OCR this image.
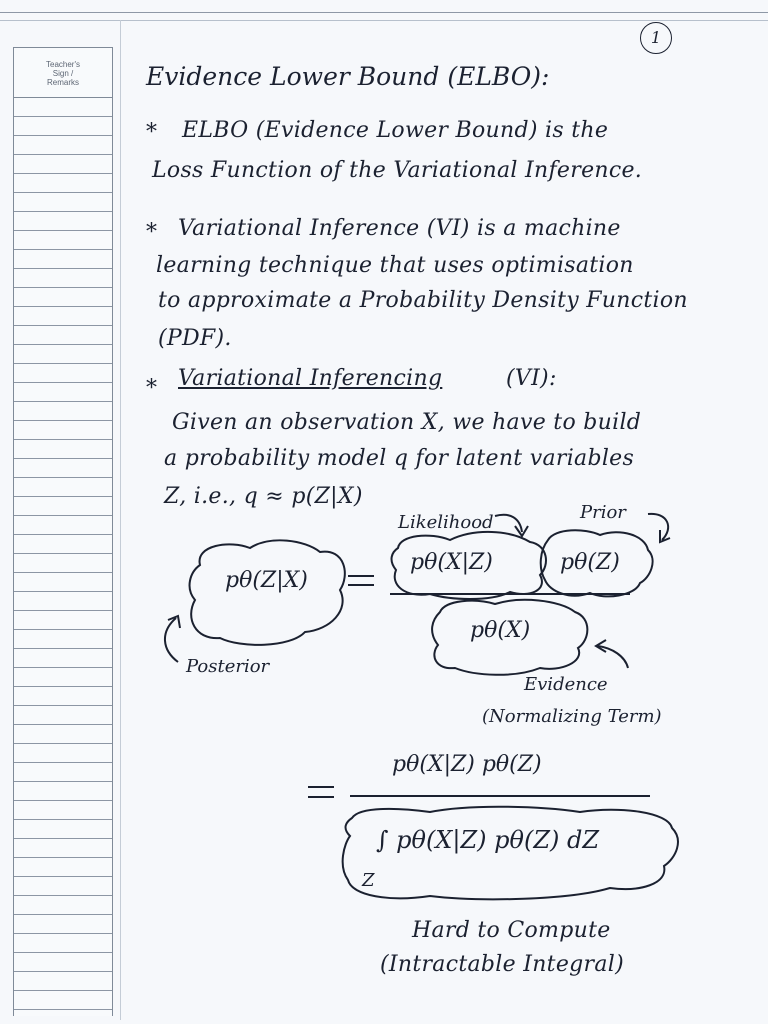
Teacher's
Sign /
Remarks
1
Evidence Lower Bound (ELBO):
* ELBO (Evidence Lower Bound) is the
Loss Function of the Variational Inference.
* Variational Inference (VI) is a machine
learning technique that uses optimisation
to approximate a Probability Density Function
(PDF).
* Variational Inferencing	(VI):
Given an observation X, we have to build
a probability model q for latent variables
Z, i.e., q ≈ p(Z|X)
Likelihood	Prior
pθ(Z|X)
pθ(X|Z)	pθ(Z)
pθ(X)
Posterior
Evidence
(Normalizing Term)
pθ(X|Z) pθ(Z)
∫ pθ(X|Z) pθ(Z) dZ
Z
Hard to Compute
(Intractable Integral)
